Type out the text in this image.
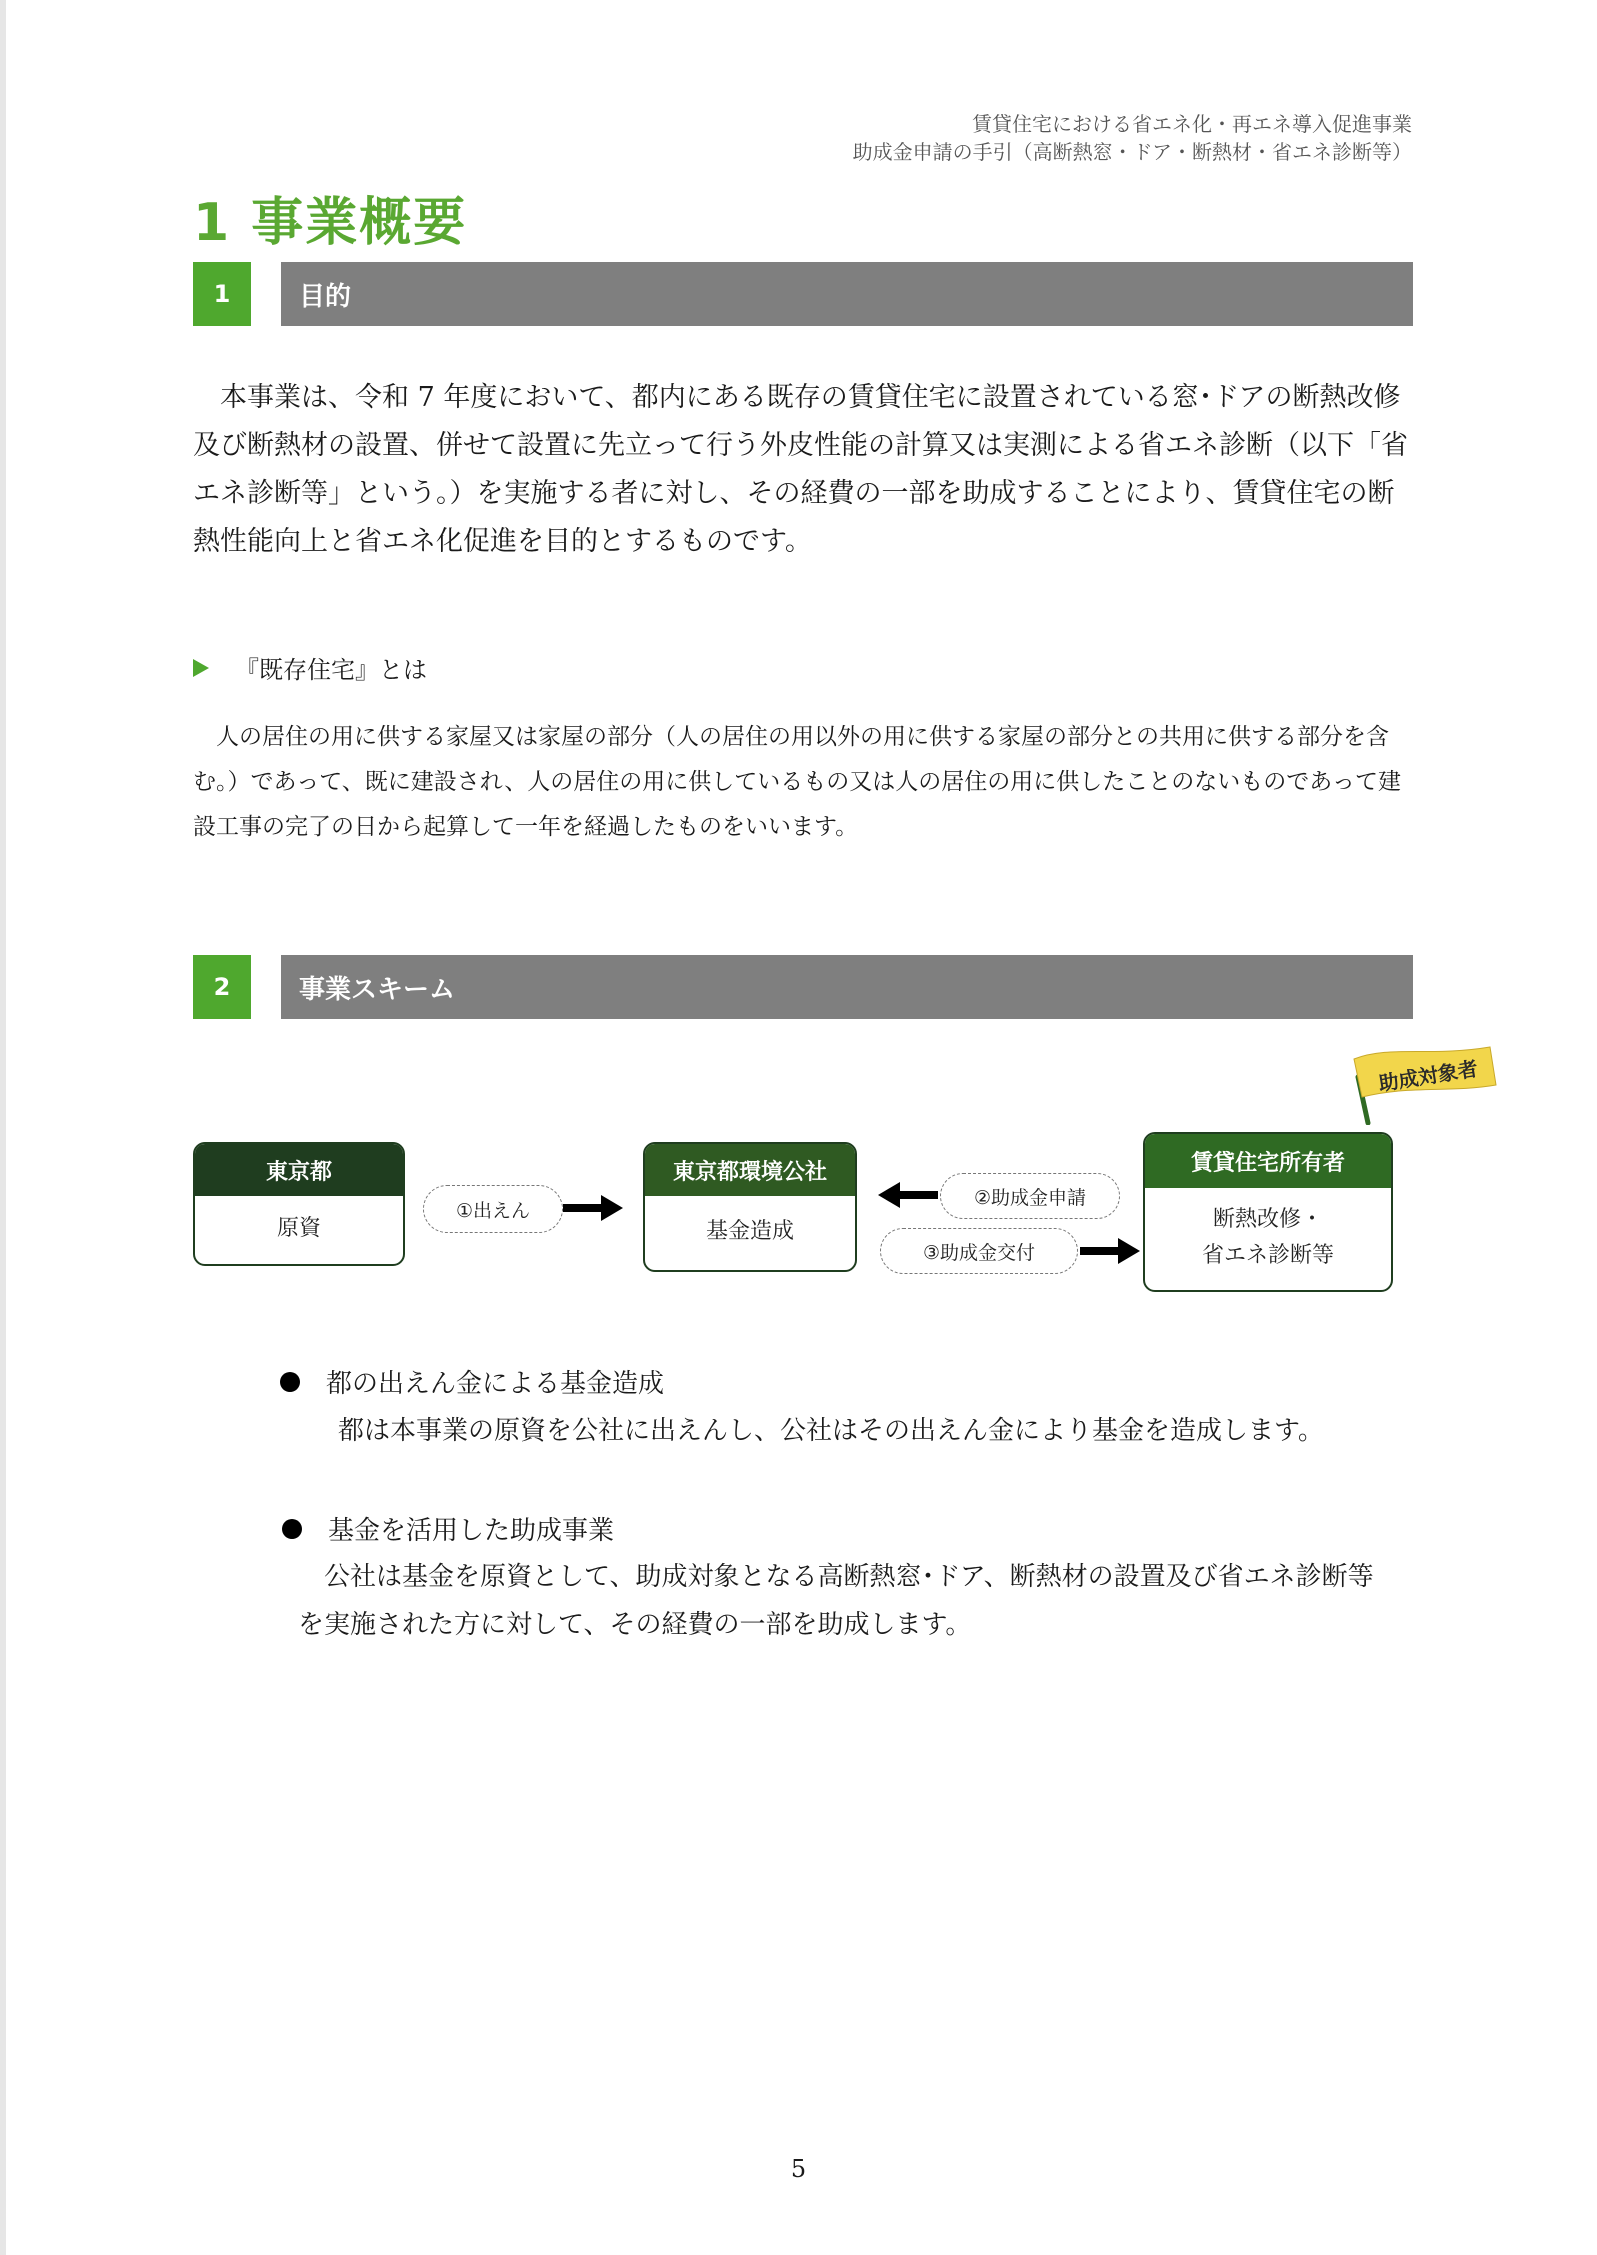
賃貸住宅における省エネ化・再エネ導入促進事業
助成金申請の手引（高断熱窓・ドア・断熱材・省エネ診断等）
1 事業概要
1	目的
本事業は、令和 7 年度において、都内にある既存の賃貸住宅に設置されている窓･ドアの断熱改修及び断熱材の設置、併せて設置に先立って行う外皮性能の計算又は実測による省エネ診断（以下「省エネ診断等」という。）を実施する者に対し、その経費の一部を助成することにより、賃貸住宅の断熱性能向上と省エネ化促進を目的とするものです。
『既存住宅』とは
人の居住の用に供する家屋又は家屋の部分（人の居住の用以外の用に供する家屋の部分との共用に供する部分を含む。）であって、既に建設され、人の居住の用に供しているもの又は人の居住の用に供したことのないものであって建設工事の完了の日から起算して一年を経過したものをいいます。
2	事業スキーム
助成対象者
東京都
原資
①出えん
東京都環境公社
基金造成
②助成金申請
③助成金交付
賃貸住宅所有者
断熱改修・
省エネ診断等
都の出えん金による基金造成
都は本事業の原資を公社に出えんし、公社はその出えん金により基金を造成します。
基金を活用した助成事業
公社は基金を原資として、助成対象となる高断熱窓･ドア、断熱材の設置及び省エネ診断等を実施された方に対して、その経費の一部を助成します。
5
